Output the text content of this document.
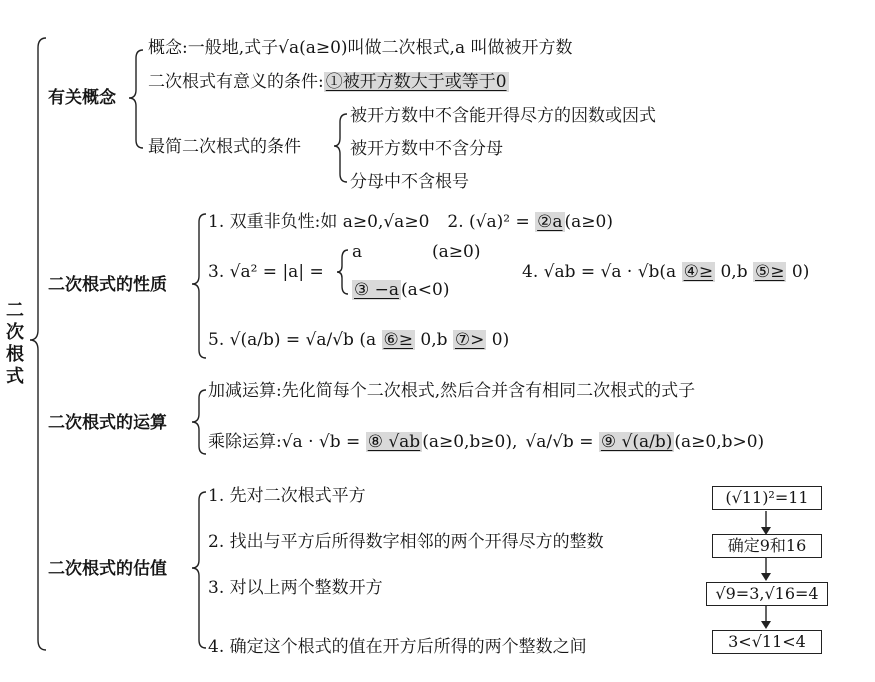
二次根式
有关概念
概念:一般地,式子√a(a≥0)叫做二次根式,a 叫做被开方数
二次根式有意义的条件: ①被开方数大于或等于0
最简二次根式的条件
被开方数中不含能开得尽方的因数或因式
被开方数中不含分母
分母中不含根号
二次根式的性质
1. 双重非负性:如 a≥0,√a≥0 2. (√a)² = ②a (a≥0)
3. √a² = |a| =
a	(a≥0)
③ −a (a<0)
4. √ab = √a · √b(a ④≥ 0,b ⑤≥ 0)
5. √(a/b) = √a/√b (a ⑥≥ 0,b ⑦> 0)
二次根式的运算
加减运算:先化简每个二次根式,然后合并含有相同二次根式的式子
乘除运算:√a · √b = ⑧ √ab (a≥0,b≥0), √a/√b = ⑨ √(a/b) (a≥0,b>0)
二次根式的估值
1. 先对二次根式平方
2. 找出与平方后所得数字相邻的两个开得尽方的整数
3. 对以上两个整数开方
4. 确定这个根式的值在开方后所得的两个整数之间
(√11)²=11
确定9和16
√9=3,√16=4
3<√11<4
